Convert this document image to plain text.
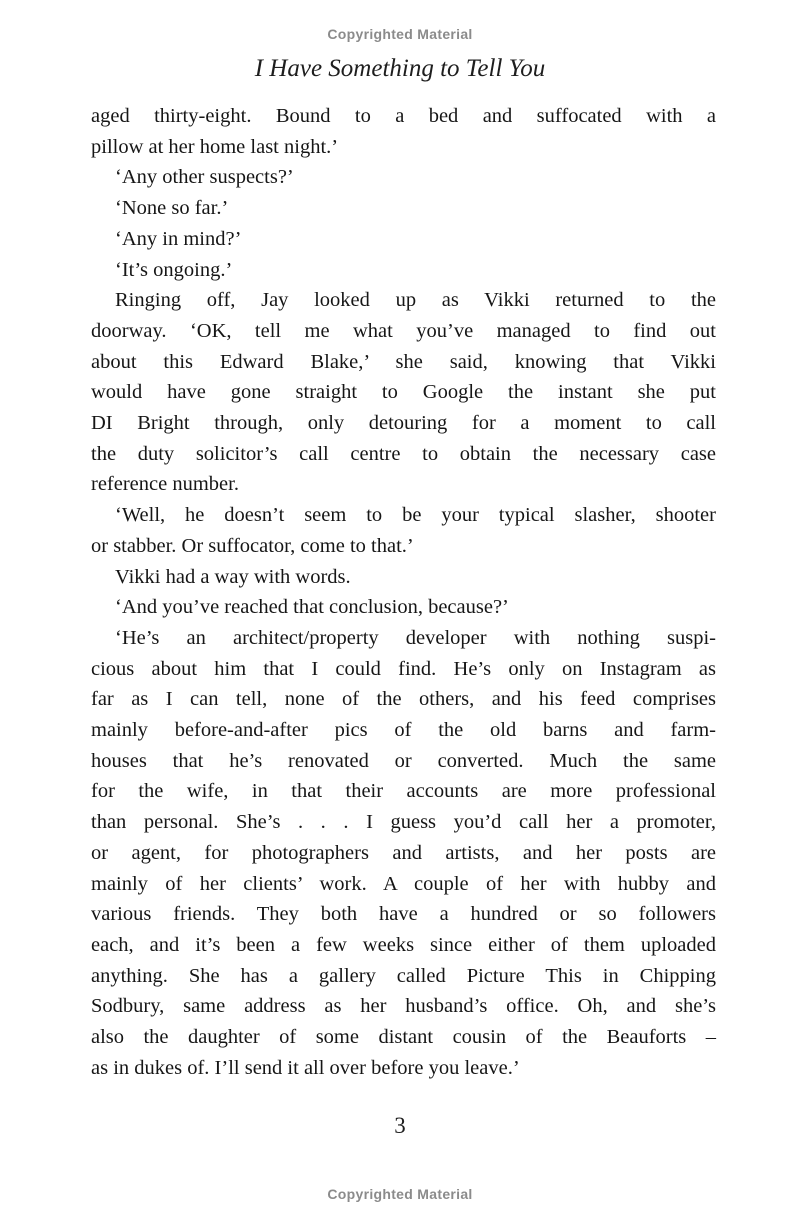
Copyrighted Material
I Have Something to Tell You
aged thirty-eight. Bound to a bed and suffocated with a
pillow at her home last night.’
‘Any other suspects?’
‘None so far.’
‘Any in mind?’
‘It’s ongoing.’
Ringing off, Jay looked up as Vikki returned to the
doorway. ‘OK, tell me what you’ve managed to find out
about this Edward Blake,’ she said, knowing that Vikki
would have gone straight to Google the instant she put
DI Bright through, only detouring for a moment to call
the duty solicitor’s call centre to obtain the necessary case
reference number.
‘Well, he doesn’t seem to be your typical slasher, shooter
or stabber. Or suffocator, come to that.’
Vikki had a way with words.
‘And you’ve reached that conclusion, because?’
‘He’s an architect/property developer with nothing suspi-
cious about him that I could find. He’s only on Instagram as
far as I can tell, none of the others, and his feed comprises
mainly before-and-after pics of the old barns and farm-
houses that he’s renovated or converted. Much the same
for the wife, in that their accounts are more professional
than personal. She’s . . . I guess you’d call her a promoter,
or agent, for photographers and artists, and her posts are
mainly of her clients’ work. A couple of her with hubby and
various friends. They both have a hundred or so followers
each, and it’s been a few weeks since either of them uploaded
anything. She has a gallery called Picture This in Chipping
Sodbury, same address as her husband’s office. Oh, and she’s
also the daughter of some distant cousin of the Beauforts –
as in dukes of. I’ll send it all over before you leave.’
3
Copyrighted Material
